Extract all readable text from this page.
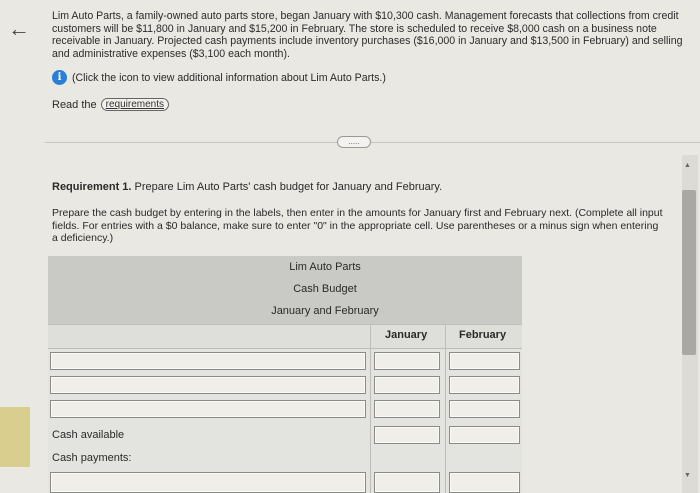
← Lim Auto Parts, a family-owned auto parts store, began January with $10,300 cash. Management forecasts that collections from credit customers will be $11,800 in January and $15,200 in February. The store is scheduled to receive $8,000 cash on a business note receivable in January. Projected cash payments include inventory purchases ($16,000 in January and $13,500 in February) and selling and administrative expenses ($3,100 each month).
i (Click the icon to view additional information about Lim Auto Parts.)
Read the requirements
.....
Requirement 1. Prepare Lim Auto Parts' cash budget for January and February.
Prepare the cash budget by entering in the labels, then enter in the amounts for January first and February next. (Complete all input fields. For entries with a $0 balance, make sure to enter "0" in the appropriate cell. Use parentheses or a minus sign when entering a deficiency.)
Lim Auto Parts
Cash Budget
January and February
January	February
Cash available
Cash payments:
▲
▼
